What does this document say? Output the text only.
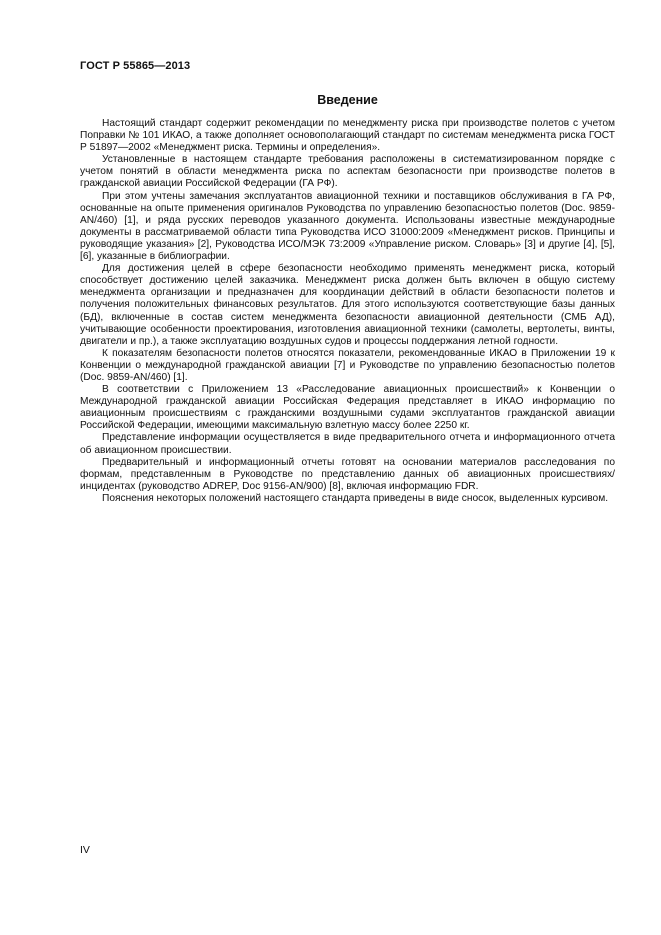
ГОСТ Р 55865—2013
Введение

Настоящий стандарт содержит рекомендации по менеджменту риска при производстве полетов с учетом Поправки № 101 ИКАО, а также дополняет основополагающий стандарт по системам менеджмента риска ГОСТ Р 51897—2002 «Менеджмент риска. Термины и определения».

Установленные в настоящем стандарте требования расположены в систематизированном порядке с учетом понятий в области менеджмента риска по аспектам безопасности при производстве полетов в гражданской авиации Российской Федерации (ГА РФ).

При этом учтены замечания эксплуатантов авиационной техники и поставщиков обслуживания в ГА РФ, основанные на опыте применения оригиналов Руководства по управлению безопасностью полетов (Doc. 9859-AN/460) [1], и ряда русских переводов указанного документа. Использованы известные международные документы в рассматриваемой области типа Руководства ИСО 31000:2009 «Менеджмент рисков. Принципы и руководящие указания» [2], Руководства ИСО/МЭК 73:2009 «Управление риском. Словарь» [3] и другие [4], [5], [6], указанные в библиографии.

Для достижения целей в сфере безопасности необходимо применять менеджмент риска, который способствует достижению целей заказчика. Менеджмент риска должен быть включен в общую систему менеджмента организации и предназначен для координации действий в области безопасности полетов и получения положительных финансовых результатов. Для этого используются соответствующие базы данных (БД), включенные в состав систем менеджмента безопасности авиационной деятельности (СМБ АД), учитывающие особенности проектирования, изготовления авиационной техники (самолеты, вертолеты, винты, двигатели и пр.), а также эксплуатацию воздушных судов и процессы поддержания летной годности.

К показателям безопасности полетов относятся показатели, рекомендованные ИКАО в Приложении 19 к Конвенции о международной гражданской авиации [7] и Руководстве по управлению безопасностью полетов (Doc. 9859-AN/460) [1].

В соответствии с Приложением 13 «Расследование авиационных происшествий» к Конвенции о Международной гражданской авиации Российская Федерация представляет в ИКАО информацию по авиационным происшествиям с гражданскими воздушными судами эксплуатантов гражданской авиации Российской Федерации, имеющими максимальную взлетную массу более 2250 кг.

Представление информации осуществляется в виде предварительного отчета и информационного отчета об авиационном происшествии.

Предварительный и информационный отчеты готовят на основании материалов расследования по формам, представленным в Руководстве по представлению данных об авиационных происшествиях/инцидентах (руководство ADREP, Doc 9156-AN/900) [8], включая информацию FDR.

Пояснения некоторых положений настоящего стандарта приведены в виде сносок, выделенных курсивом.

IV
